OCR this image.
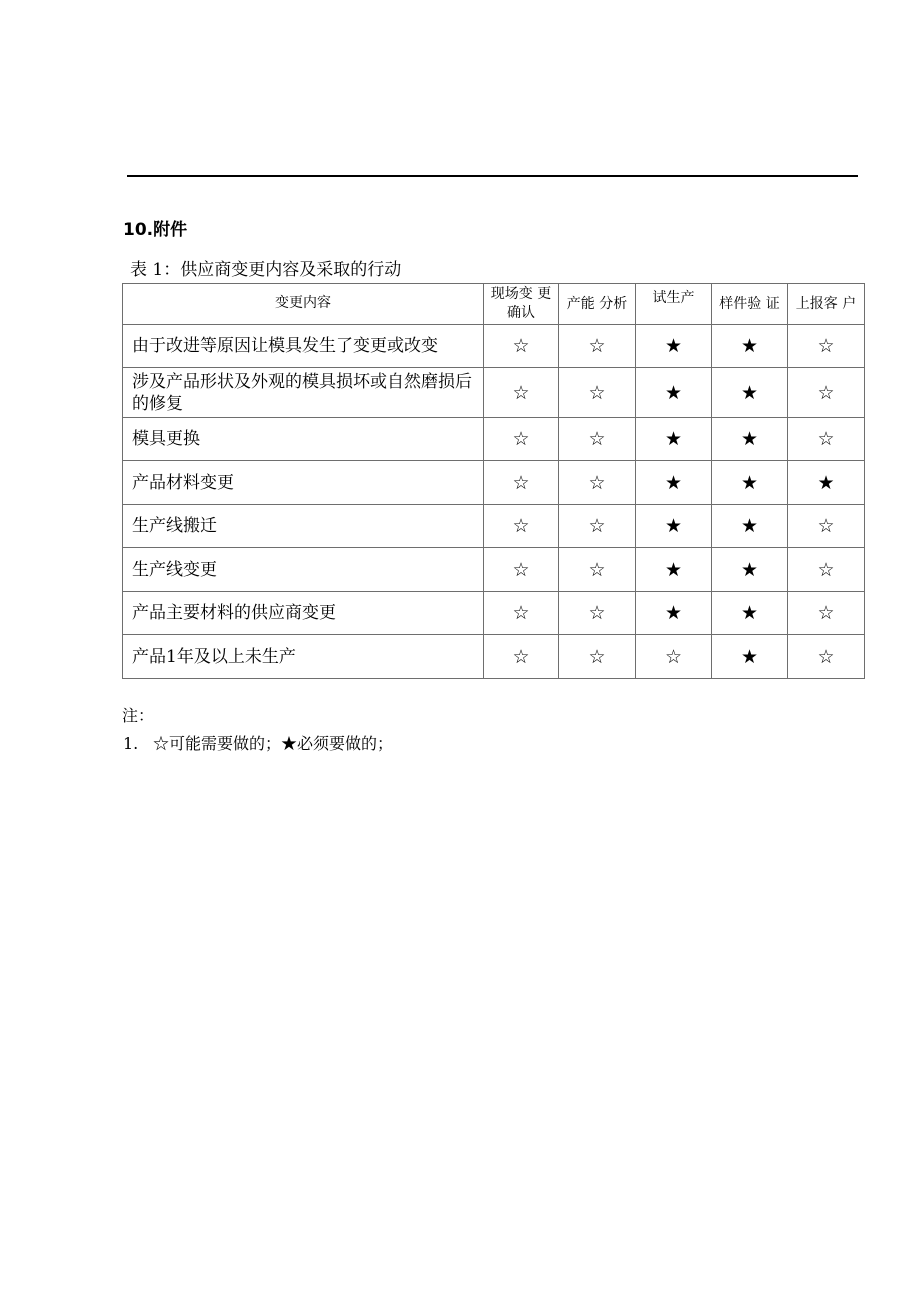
10.附件
表 1：供应商变更内容及采取的行动
变更内容	现场变 更确认	产能 分析	试生产	样件验 证	上报客 户

由于改进等原因让模具发生了变更或改变	☆	☆	★	★	☆
涉及产品形状及外观的模具损坏或自然磨损后的修复	☆	☆	★	★	☆
模具更换	☆	☆	★	★	☆
产品材料变更	☆	☆	★	★	★
生产线搬迁	☆	☆	★	★	☆
生产线变更	☆	☆	★	★	☆
产品主要材料的供应商变更	☆	☆	★	★	☆
产品1年及以上未生产	☆	☆	☆	★	☆
注：
1. ☆可能需要做的；★必须要做的；
